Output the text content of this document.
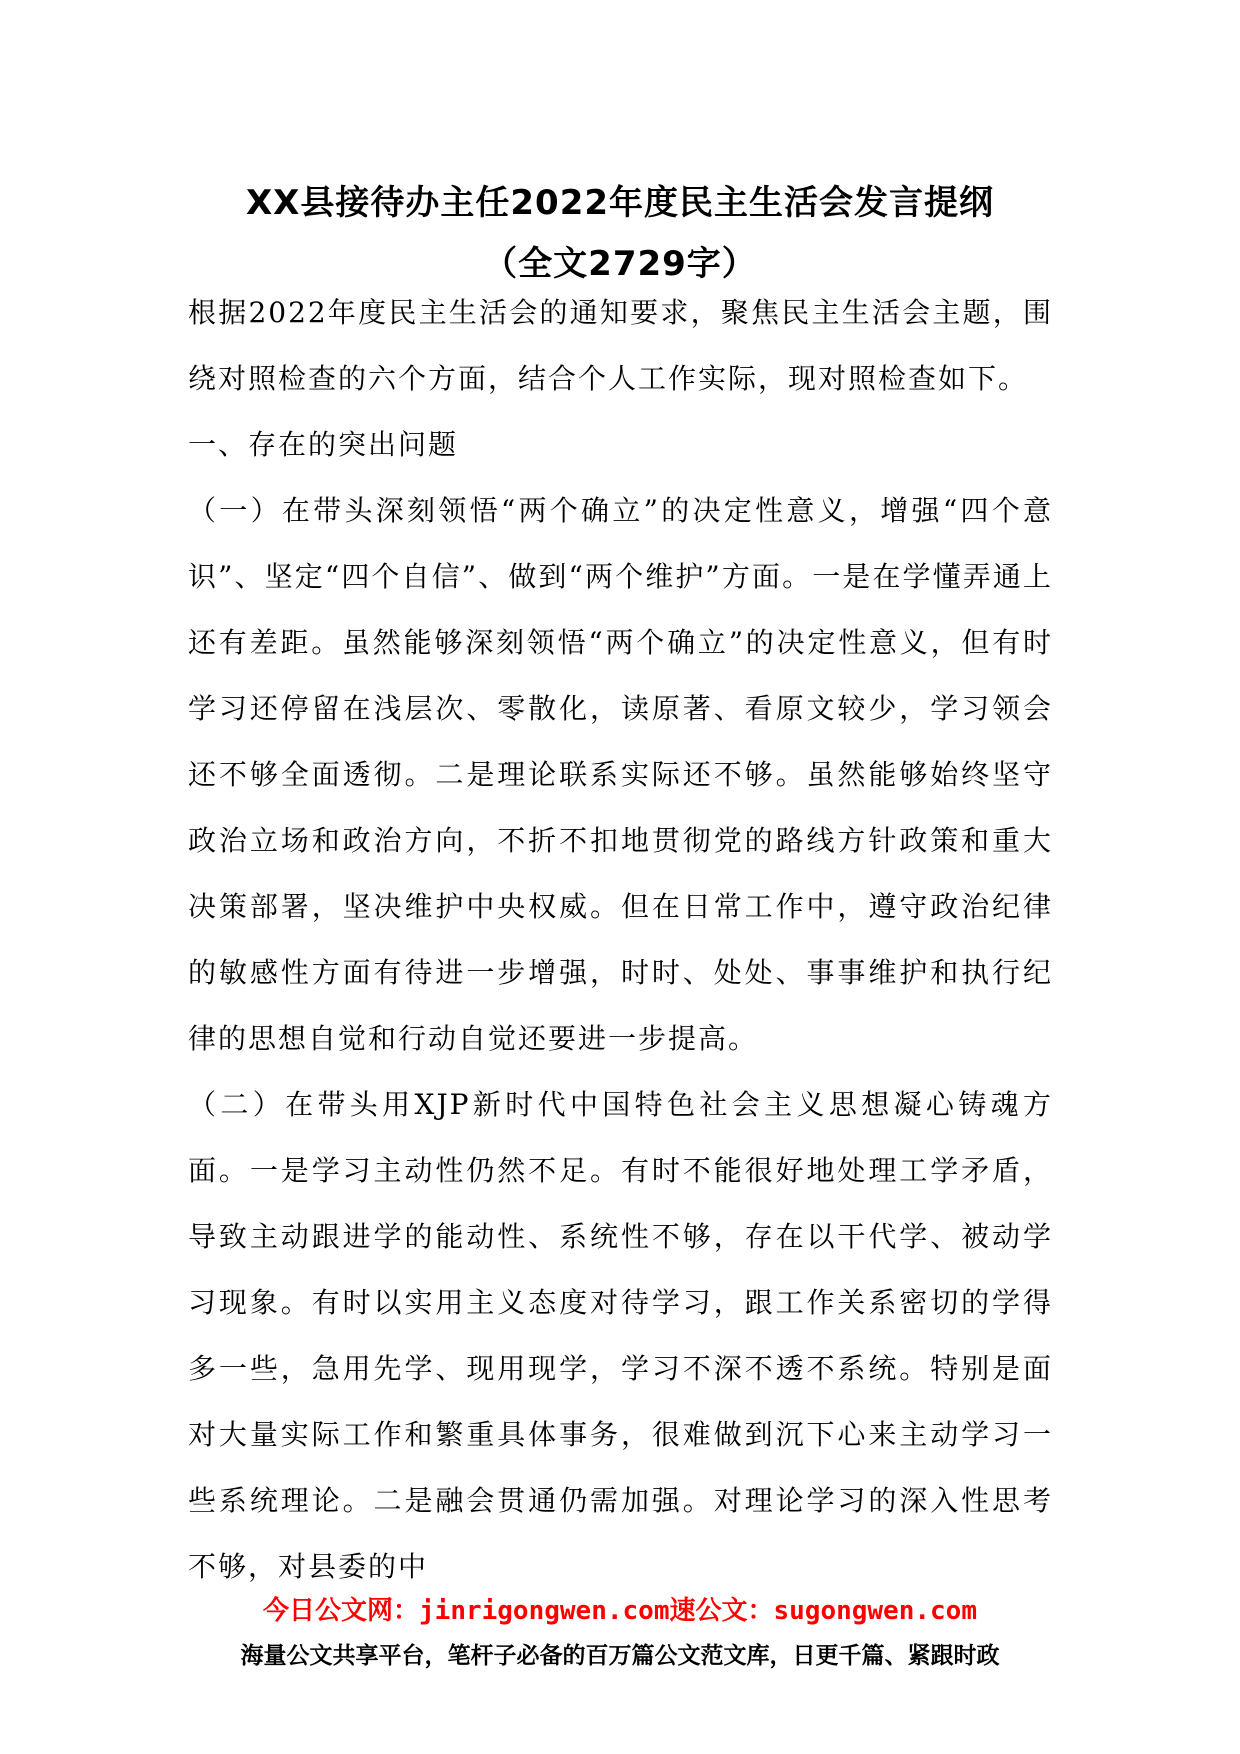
XX县接待办主任2022年度民主生活会发言提纲
（全文2729字）

根据2022年度民主生活会的通知要求，聚焦民主生活会主题，围绕对照检查的六个方面，结合个人工作实际，现对照检查如下。

一、存在的突出问题

（一）在带头深刻领悟“两个确立”的决定性意义，增强“四个意识”、坚定“四个自信”、做到“两个维护”方面。一是在学懂弄通上还有差距。虽然能够深刻领悟“两个确立”的决定性意义，但有时学习还停留在浅层次、零散化，读原著、看原文较少，学习领会还不够全面透彻。二是理论联系实际还不够。虽然能够始终坚守政治立场和政治方向，不折不扣地贯彻党的路线方针政策和重大决策部署，坚决维护中央权威。但在日常工作中，遵守政治纪律的敏感性方面有待进一步增强，时时、处处、事事维护和执行纪律的思想自觉和行动自觉还要进一步提高。

（二）在带头用XJP新时代中国特色社会主义思想凝心铸魂方面。一是学习主动性仍然不足。有时不能很好地处理工学矛盾，导致主动跟进学的能动性、系统性不够，存在以干代学、被动学习现象。有时以实用主义态度对待学习，跟工作关系密切的学得多一些，急用先学、现用现学，学习不深不透不系统。特别是面对大量实际工作和繁重具体事务，很难做到沉下心来主动学习一些系统理论。二是融会贯通仍需加强。对理论学习的深入性思考不够，对县委的中

今日公文网：jinrigongwen.com速公文：sugongwen.com
海量公文共享平台，笔杆子必备的百万篇公文范文库，日更千篇、紧跟时政
